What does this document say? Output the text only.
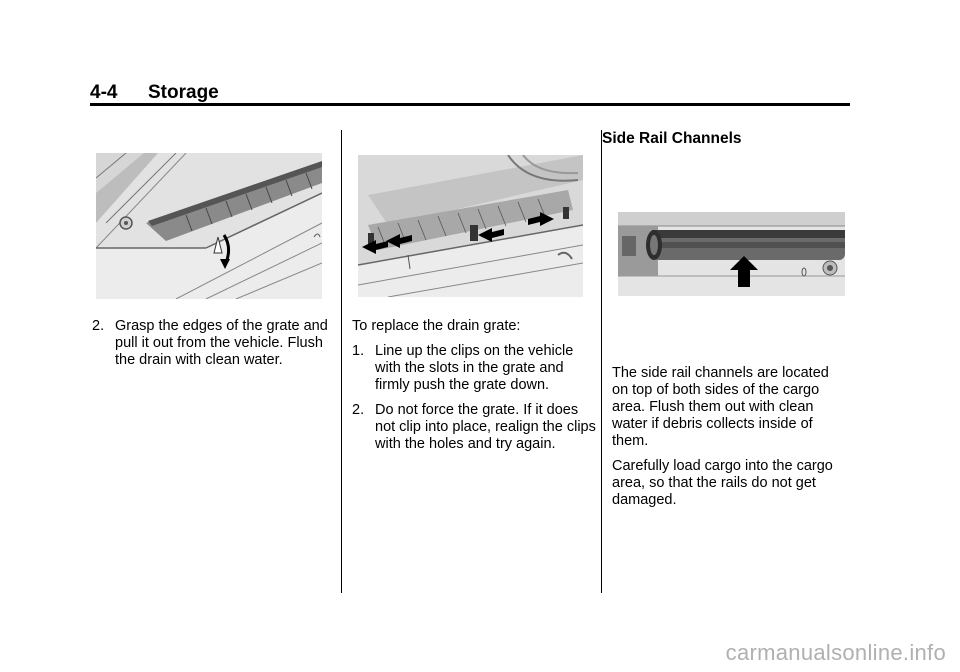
4-4 Storage
2. Grasp the edges of the grate and pull it out from the vehicle. Flush the drain with clean water.

To replace the drain grate:

1. Line up the clips on the vehicle with the slots in the grate and firmly push the grate down.
2. Do not force the grate. If it does not clip into place, realign the clips with the holes and try again.
Side Rail Channels

The side rail channels are located on top of both sides of the cargo area. Flush them out with clean water if debris collects inside of them.

Carefully load cargo into the cargo area, so that the rails do not get damaged.

carmanualsonline.info
